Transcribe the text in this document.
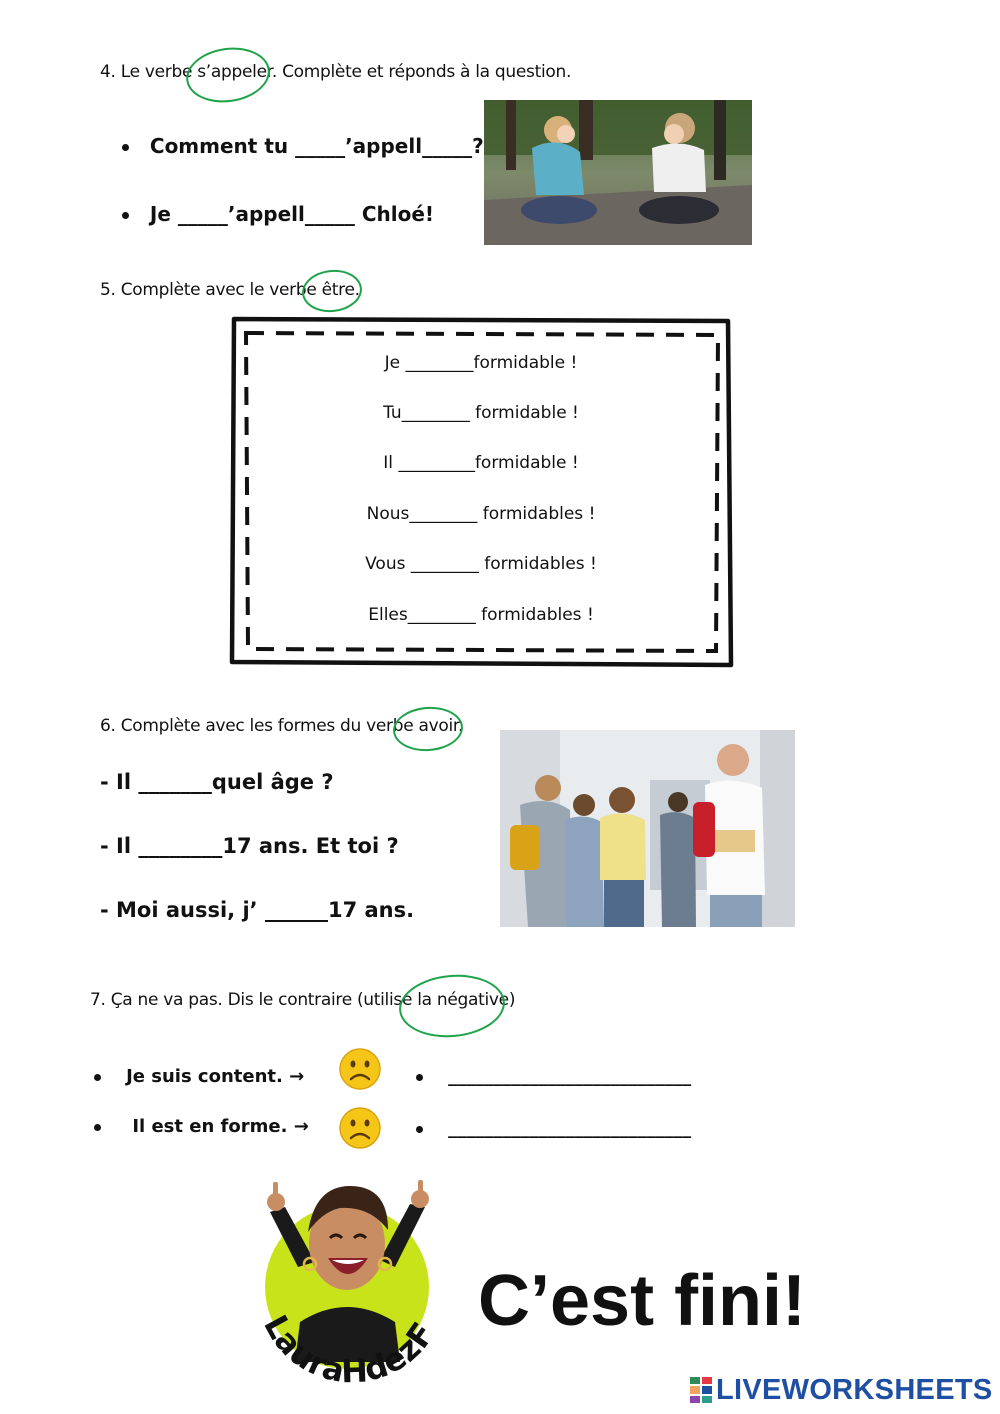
4. Le verbe s’appeler. Complète et réponds à la question.
Comment tu _____’appell_____?
Je _____’appell_____ Chloé!
5. Complète avec le verbe être.
Je ________formidable !
Tu________ formidable !
Il _________formidable !
Nous________ formidables !
Vous ________ formidables !
Elles________ formidables !
6. Complète avec les formes du verbe avoir.
- Il _______quel âge ?
- Il ________17 ans. Et toi ?
- Moi aussi, j’ ______17 ans.
7. Ça ne va pas. Dis le contraire (utilise la négative)
Je suis content. →
Il est en forme. →
___________________________
___________________________
LauraHdezF C’est fini!
LIVEWORKSHEETS
